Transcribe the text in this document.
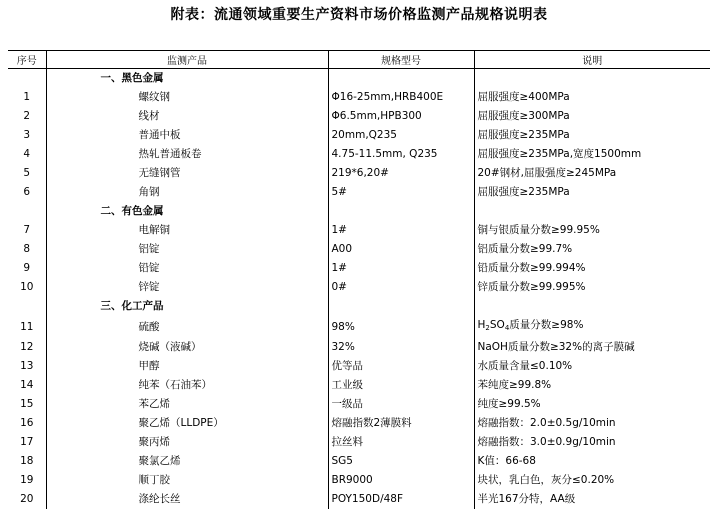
附表：流通领域重要生产资料市场价格监测产品规格说明表
序号	监测产品	规格型号	说明
	一、黑色金属		
1	螺纹钢	Φ16-25mm,HRB400E	屈服强度≥400MPa
2	线材	Φ6.5mm,HPB300	屈服强度≥300MPa
3	普通中板	20mm,Q235	屈服强度≥235MPa
4	热轧普通板卷	4.75-11.5mm, Q235	屈服强度≥235MPa,宽度1500mm
5	无缝钢管	219*6,20#	20#钢材,屈服强度≥245MPa
6	角钢	5#	屈服强度≥235MPa
	二、有色金属		
7	电解铜	1#	铜与银质量分数≥99.95%
8	铝锭	A00	铝质量分数≥99.7%
9	铅锭	1#	铅质量分数≥99.994%
10	锌锭	0#	锌质量分数≥99.995%
	三、化工产品		
11	硫酸	98%	$H_2SO_4$质量分数≥98%
12	烧碱（液碱）	32%	NaOH质量分数≥32%的离子膜碱
13	甲醇	优等品	水质量含量≤0.10%
14	纯苯（石油苯）	工业级	苯纯度≥99.8%
15	苯乙烯	一级品	纯度≥99.5%
16	聚乙烯（LLDPE）	熔融指数2薄膜料	熔融指数：2.0±0.5g/10min
17	聚丙烯	拉丝料	熔融指数：3.0±0.9g/10min
18	聚氯乙烯	SG5	K值：66-68
19	顺丁胶	BR9000	块状，乳白色，灰分≤0.20%
20	涤纶长丝	POY150D/48F	半光167分特，AA级
